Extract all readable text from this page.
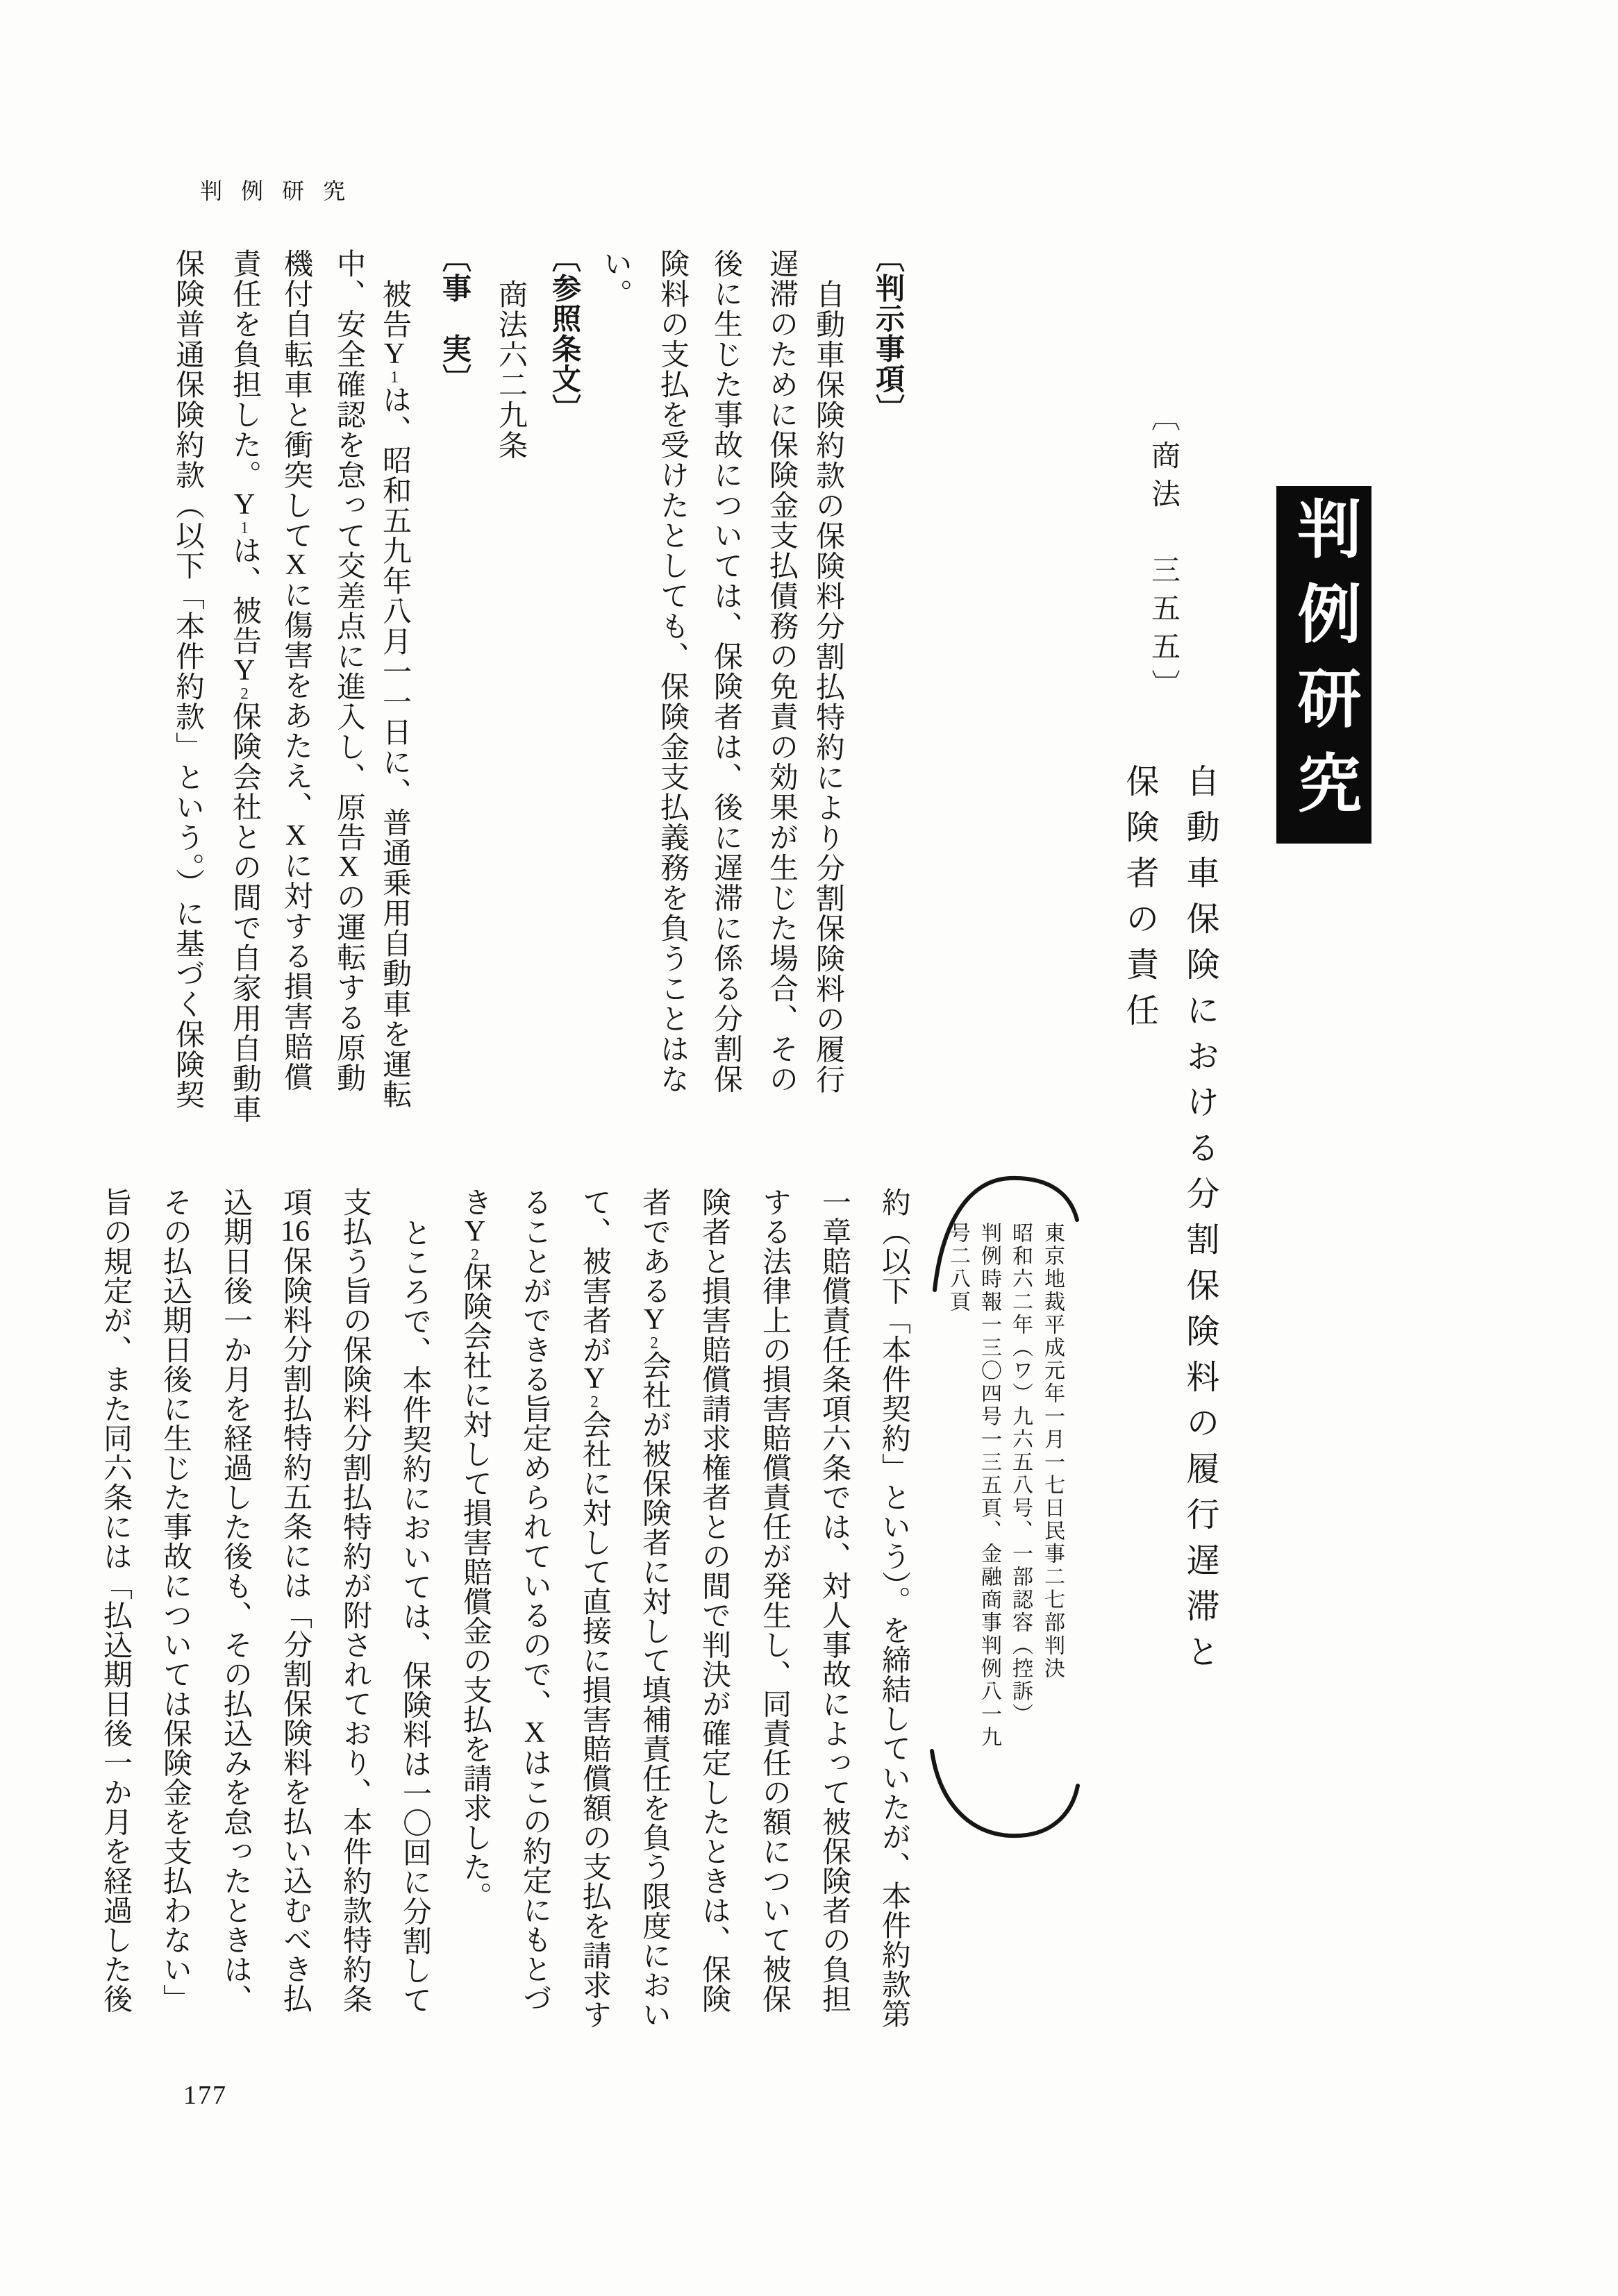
判例研究
判例研究
〔商法　三五五〕
自動車保険における分割保険料の履行遅滞と
保険者の責任
東京地裁平成元年一月一七日民事二七部判決
昭和六二年（ワ）九六五八号、一部認容（控訴）
判例時報一三〇四号一三五頁、金融商事判例八一九
号二八頁
〔判示事項〕
自動車保険約款の保険料分割払特約により分割保険料の履行
遅滞のために保険金支払債務の免責の効果が生じた場合、その
後に生じた事故については、保険者は、後に遅滞に係る分割保
険料の支払を受けたとしても、保険金支払義務を負うことはな
い。
〔参照条文〕
商法六二九条
〔事　実〕
被告Y1は、昭和五九年八月一一日に、普通乗用自動車を運転
中、安全確認を怠って交差点に進入し、原告Xの運転する原動
機付自転車と衝突してXに傷害をあたえ、Xに対する損害賠償
責任を負担した。Y1は、被告Y2保険会社との間で自家用自動車
保険普通保険約款（以下「本件約款」という。）に基づく保険契
約（以下「本件契約」という）。を締結していたが、本件約款第
一章賠償責任条項六条では、対人事故によって被保険者の負担
する法律上の損害賠償責任が発生し、同責任の額について被保
険者と損害賠償請求権者との間で判決が確定したときは、保険
者であるY2会社が被保険者に対して填補責任を負う限度におい
て、被害者がY2会社に対して直接に損害賠償額の支払を請求す
ることができる旨定められているので、Xはこの約定にもとづ
きY2保険会社に対して損害賠償金の支払を請求した。
ところで、本件契約においては、保険料は一〇回に分割して
支払う旨の保険料分割払特約が附されており、本件約款特約条
項16保険料分割払特約五条には「分割保険料を払い込むべき払
込期日後一か月を経過した後も、その払込みを怠ったときは、
その払込期日後に生じた事故については保険金を支払わない」
旨の規定が、また同六条には「払込期日後一か月を経過した後
177
